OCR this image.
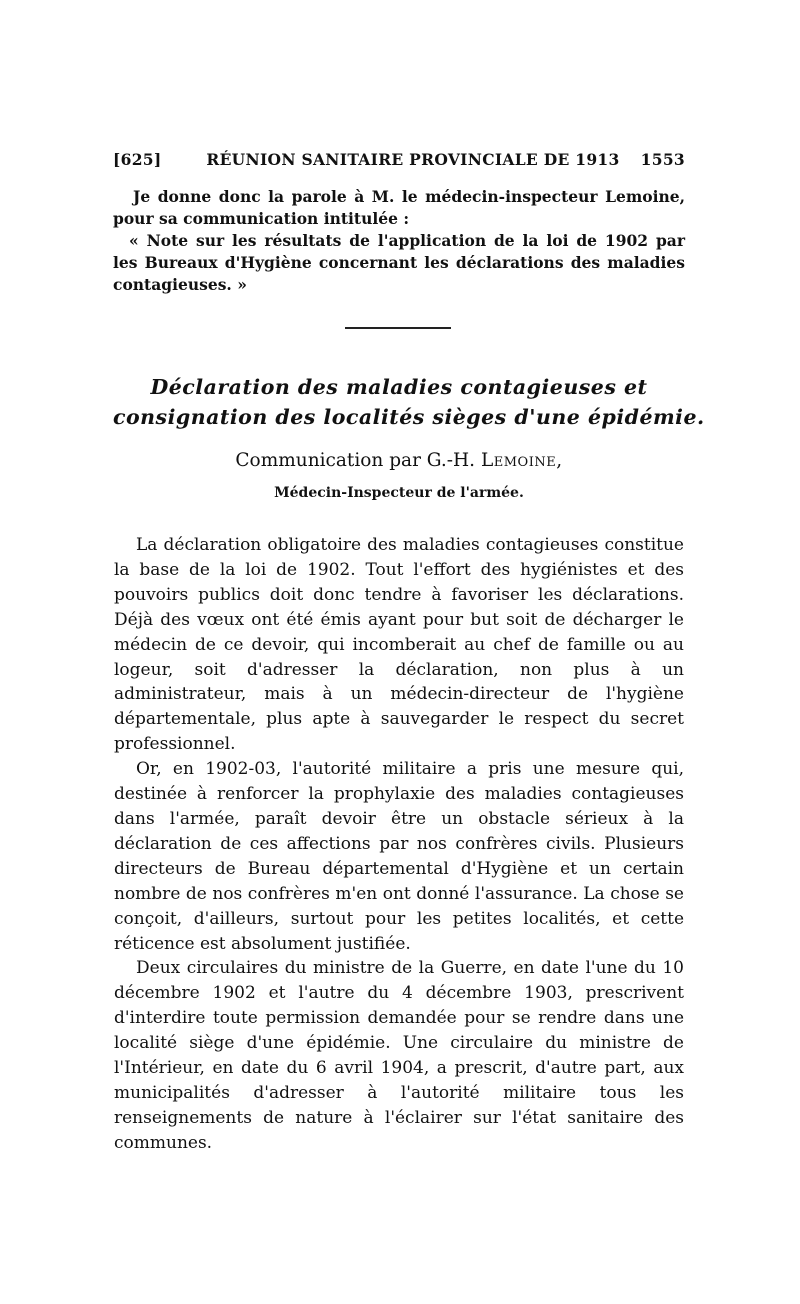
[625]	RÉUNION SANITAIRE PROVINCIALE DE 1913 1553

Je donne donc la parole à M. le médecin-inspecteur Lemoine, pour sa communication intitulée :

« Note sur les résultats de l'application de la loi de 1902 par les Bureaux d'Hygiène concernant les déclarations des maladies contagieuses. »

Déclaration des maladies contagieuses et
consignation des localités sièges d'une épidémie.
Communication par G.-H. Lemoine,
Médecin-Inspecteur de l'armée.

La déclaration obligatoire des maladies contagieuses constitue la base de la loi de 1902. Tout l'effort des hygiénistes et des pouvoirs publics doit donc tendre à favoriser les déclarations. Déjà des vœux ont été émis ayant pour but soit de décharger le médecin de ce devoir, qui incomberait au chef de famille ou au logeur, soit d'adresser la déclaration, non plus à un administrateur, mais à un médecin-directeur de l'hygiène départementale, plus apte à sauvegarder le respect du secret professionnel.

Or, en 1902-03, l'autorité militaire a pris une mesure qui, destinée à renforcer la prophylaxie des maladies contagieuses dans l'armée, paraît devoir être un obstacle sérieux à la déclaration de ces affections par nos confrères civils. Plusieurs directeurs de Bureau départemental d'Hygiène et un certain nombre de nos confrères m'en ont donné l'assurance. La chose se conçoit, d'ailleurs, surtout pour les petites localités, et cette réticence est absolument justifiée.

Deux circulaires du ministre de la Guerre, en date l'une du 10 décembre 1902 et l'autre du 4 décembre 1903, prescrivent d'interdire toute permission demandée pour se rendre dans une localité siège d'une épidémie. Une circulaire du ministre de l'Intérieur, en date du 6 avril 1904, a prescrit, d'autre part, aux municipalités d'adresser à l'autorité militaire tous les renseignements de nature à l'éclairer sur l'état sanitaire des communes.
